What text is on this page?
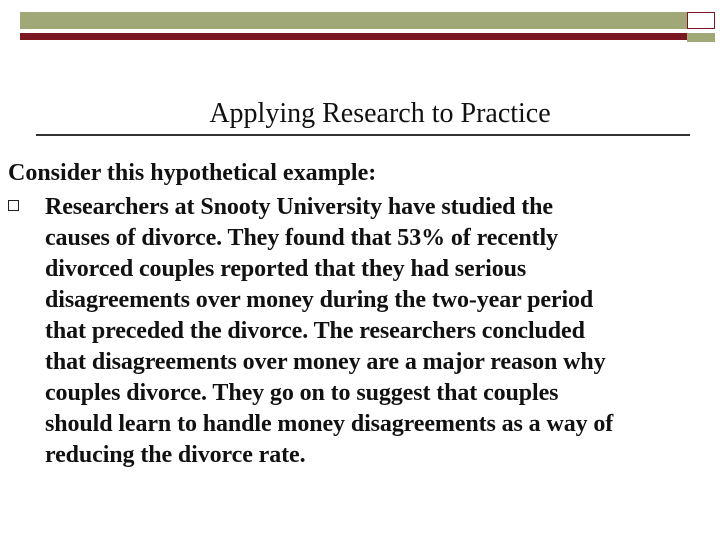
Applying Research to Practice

Consider this hypothetical example:

Researchers at Snooty University have studied the
causes of divorce. They found that 53% of recently
divorced couples reported that they had serious
disagreements over money during the two-year period
that preceded the divorce. The researchers concluded
that disagreements over money are a major reason why
couples divorce. They go on to suggest that couples
should learn to handle money disagreements as a way of
reducing the divorce rate.
